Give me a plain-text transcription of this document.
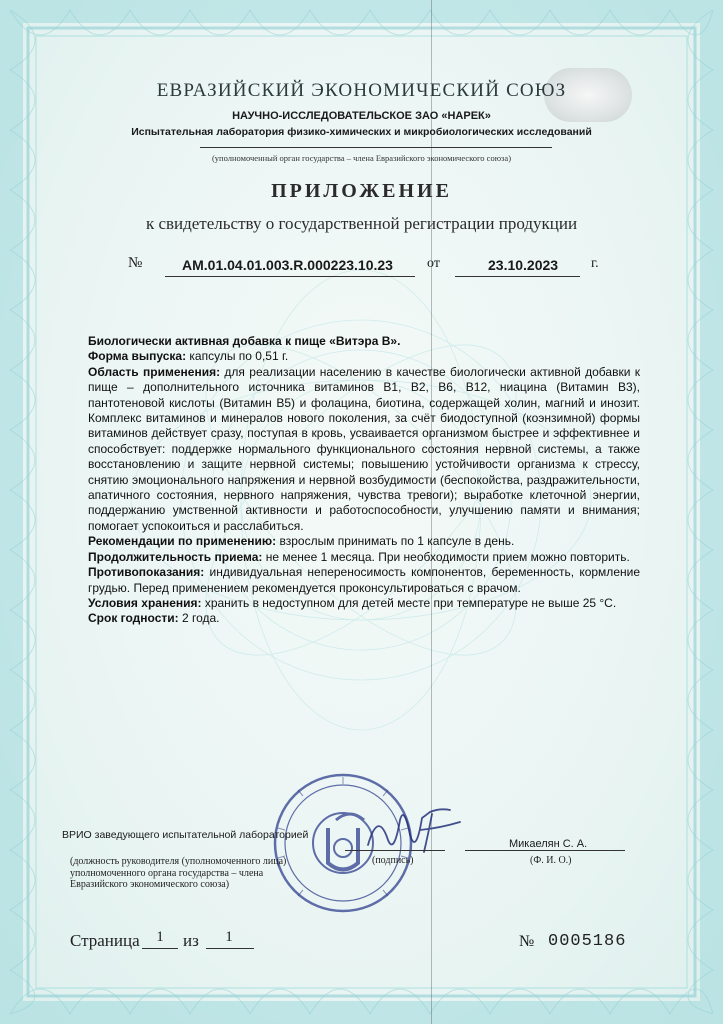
ЕВРАЗИЙСКИЙ ЭКОНОМИЧЕСКИЙ СОЮЗ
НАУЧНО-ИССЛЕДОВАТЕЛЬСКОЕ ЗАО «НАРЕК»
Испытательная лаборатория физико-химических и микробиологических исследований
(уполномоченный орган государства – члена Евразийского экономического союза)
ПРИЛОЖЕНИЕ
к свидетельству о государственной регистрации продукции
№	AM.01.04.01.003.R.000223.10.23 от	23.10.2023 г.

Биологически активная добавка к пище «Витэра В».

Форма выпуска: капсулы по 0,51 г.

Область применения: для реализации населению в качестве биологически активной добавки к пище – дополнительного источника витаминов В1, В2, В6, В12, ниацина (Витамин В3), пантотеновой кислоты (Витамин В5) и фолацина, биотина, содержащей холин, магний и инозит. Комплекс витаминов и минералов нового поколения, за счёт биодоступной (коэнзимной) формы витаминов действует сразу, поступая в кровь, усваивается организмом быстрее и эффективнее и способствует: поддержке нормального функционального состояния нервной системы, а также восстановлению и защите нервной системы; повышению устойчивости организма к стрессу, снятию эмоционального напряжения и нервной возбудимости (беспокойства, раздражительности, апатичного состояния, нервного напряжения, чувства тревоги); выработке клеточной энергии, поддержанию умственной активности и работоспособности, улучшению памяти и внимания; помогает успокоиться и расслабиться.

Рекомендации по применению: взрослым принимать по 1 капсуле в день.

Продолжительность приема: не менее 1 месяца. При необходимости прием можно повторить.

Противопоказания: индивидуальная непереносимость компонентов, беременность, кормление грудью. Перед применением рекомендуется проконсультироваться с врачом.

Условия хранения: хранить в недоступном для детей месте при температуре не выше 25 °С.

Срок годности: 2 года.

ВРИО заведующего испытательной лабораторией
Микаелян С. А.
(должность руководителя (уполномоченного лица) уполномоченного органа государства – члена Евразийского экономического союза)
(подпись)	(Ф. И. О.)
Страница	1	из	1	№ 0005186
